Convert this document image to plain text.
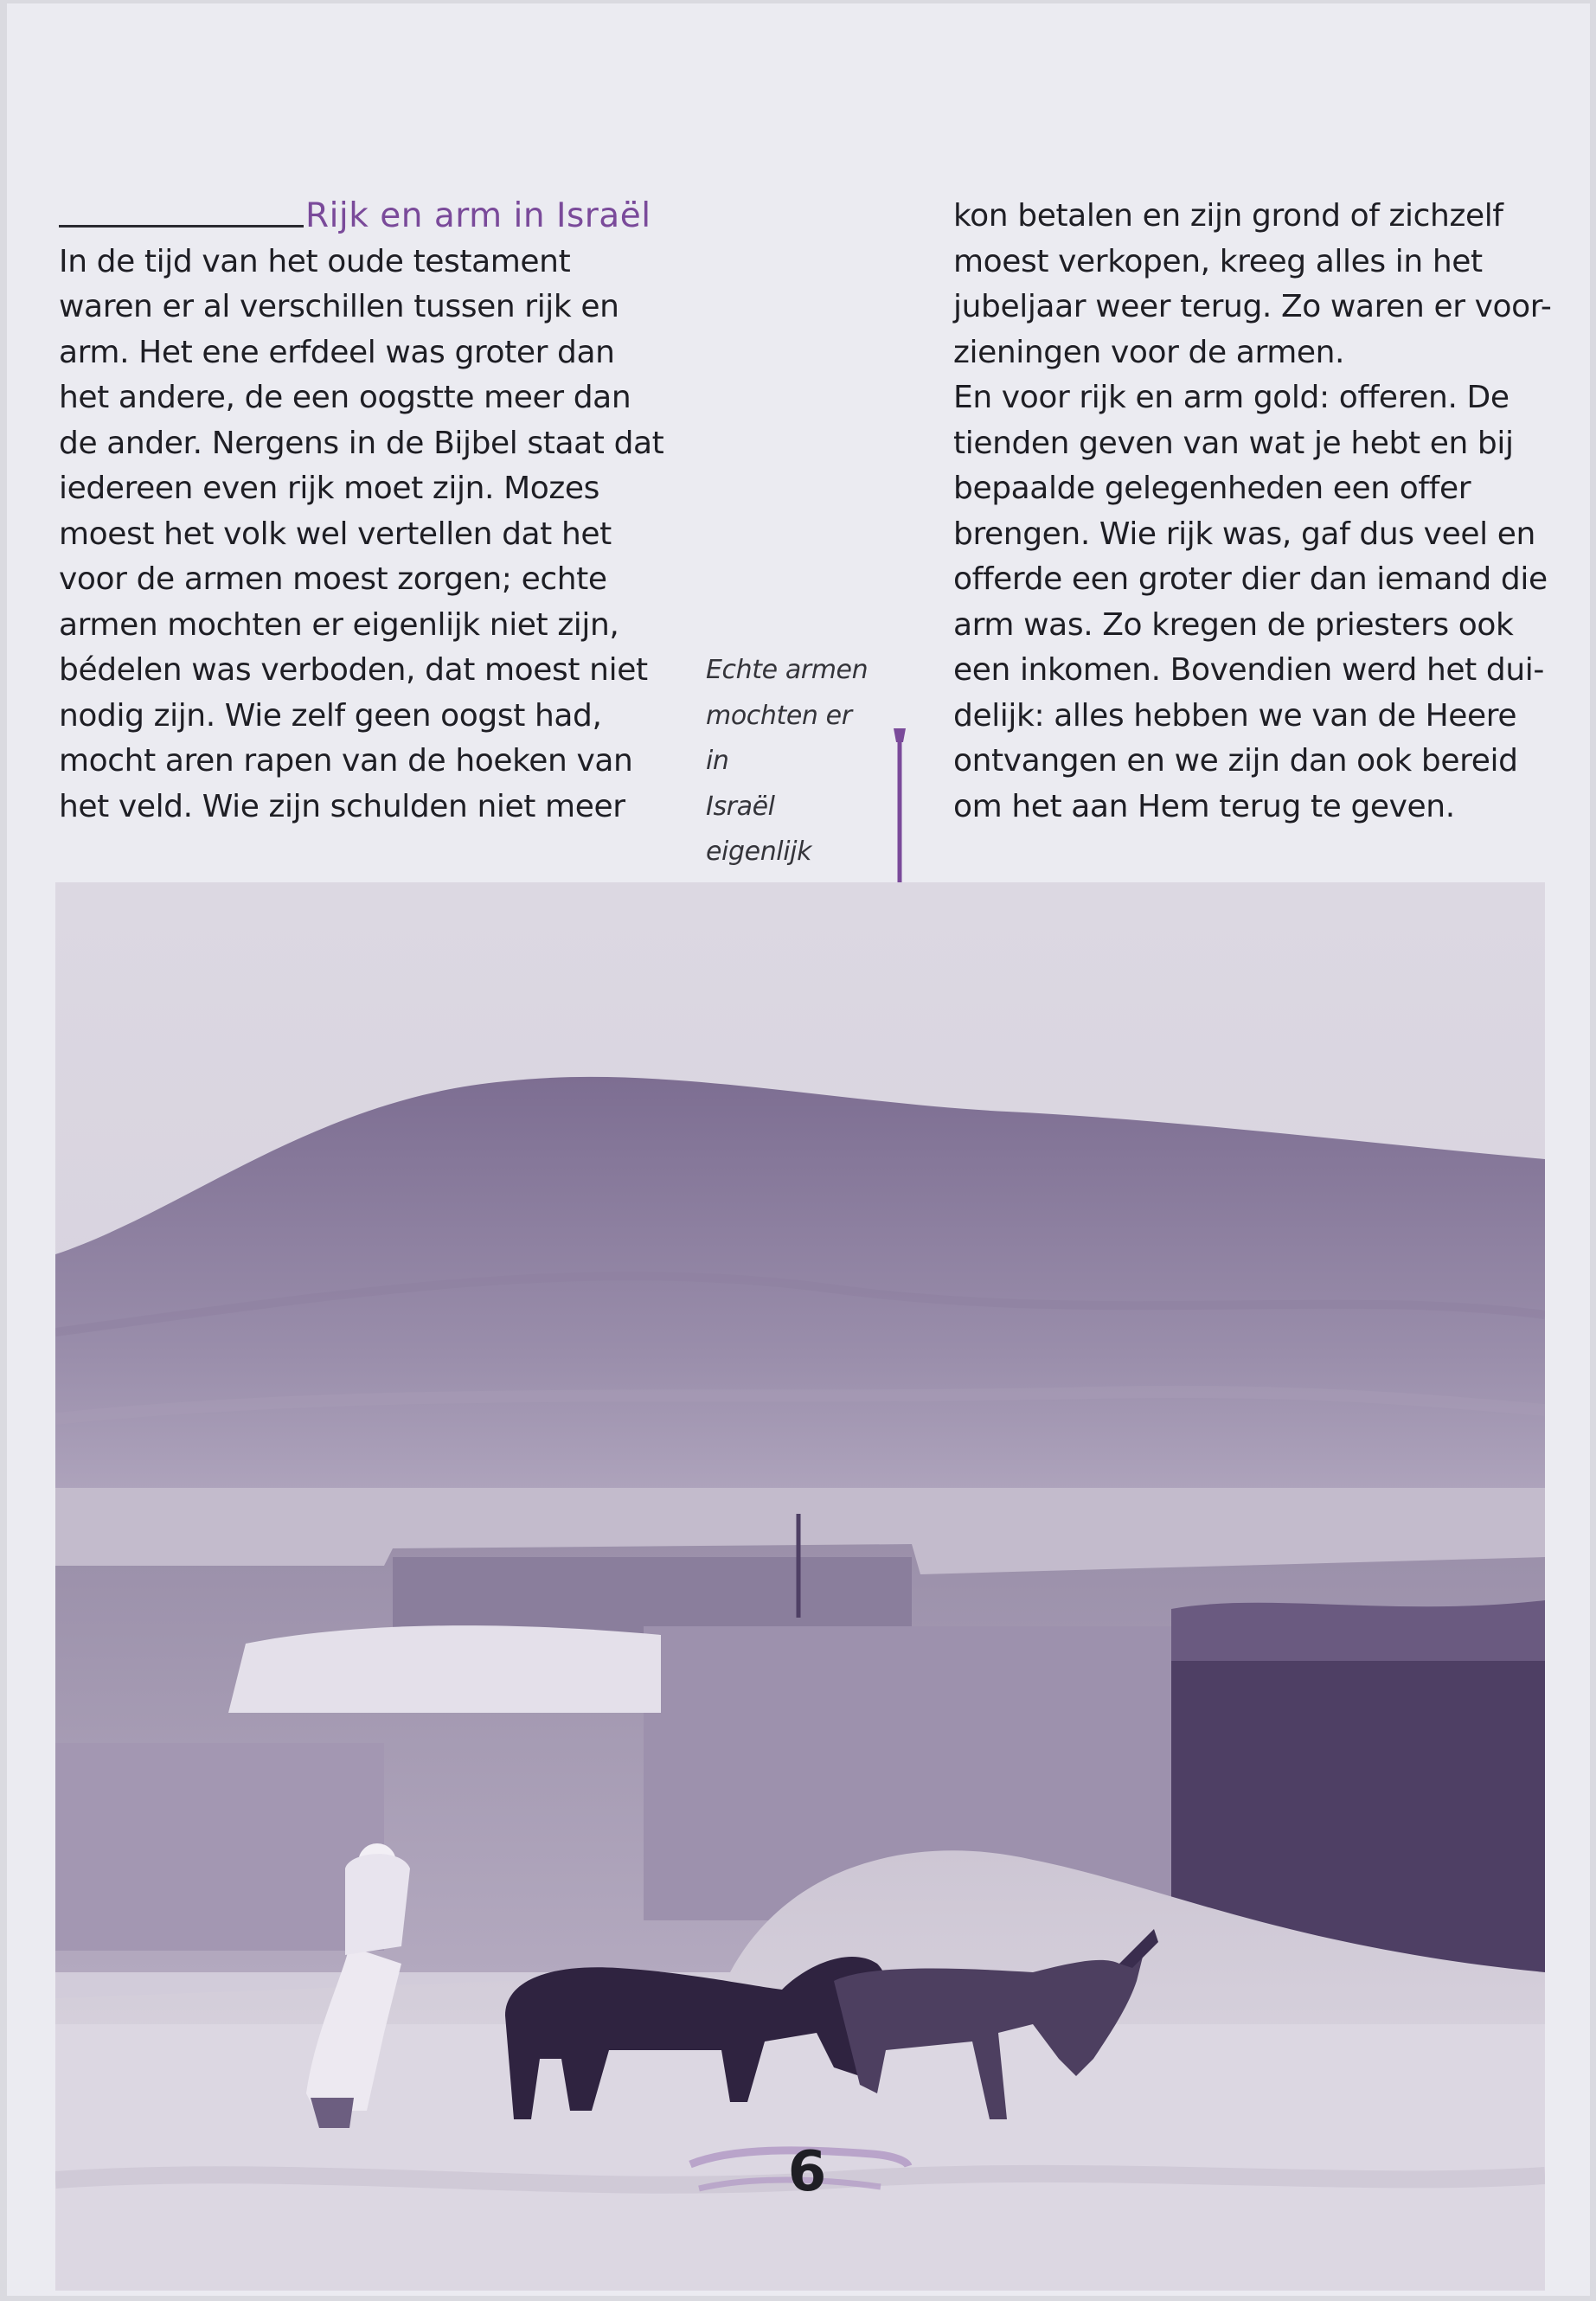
Rijk en arm in Israël

In de tijd van het oude testament

waren er al verschillen tussen rijk en

arm. Het ene erfdeel was groter dan

het andere, de een oogstte meer dan

de ander. Nergens in de Bijbel staat dat

iedereen even rijk moet zijn. Mozes

moest het volk wel vertellen dat het

voor de armen moest zorgen; echte

armen mochten er eigenlijk niet zijn,

bédelen was verboden, dat moest niet

nodig zijn. Wie zelf geen oogst had,

mocht aren rapen van de hoeken van

het veld. Wie zijn schulden niet meer

Echte armen

mochten er in

Israël eigenlijk

kon betalen en zijn grond of zichzelf

moest verkopen, kreeg alles in het

jubeljaar weer terug. Zo waren er voor-

zieningen voor de armen.

En voor rijk en arm gold: offeren. De

tienden geven van wat je hebt en bij

bepaalde gelegenheden een offer

brengen. Wie rijk was, gaf dus veel en

offerde een groter dier dan iemand die

arm was. Zo kregen de priesters ook

een inkomen. Bovendien werd het dui-

delijk: alles hebben we van de Heere

ontvangen en we zijn dan ook bereid

om het aan Hem terug te geven.

6
